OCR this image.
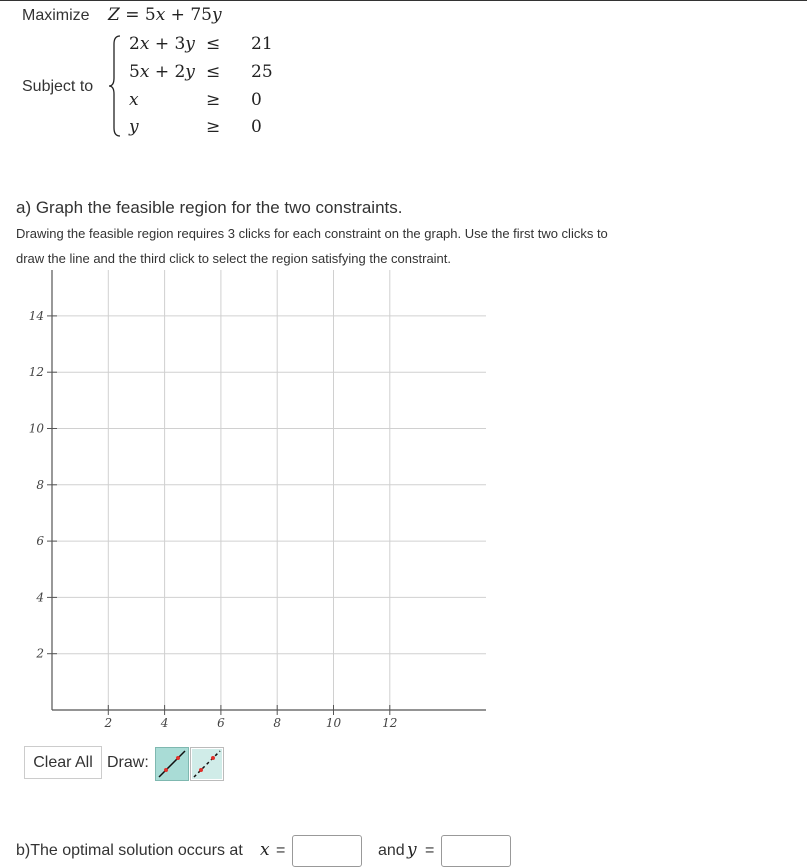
Maximize Z = 5x + 75y
Subject to
2x + 3y ≤ 21
5x + 2y ≤ 25
x	≥ 0
y	≥ 0
a) Graph the feasible region for the two constraints.
Drawing the feasible region requires 3 clicks for each constraint on the graph. Use the first two clicks to
draw the line and the third click to select the region satisfying the constraint.
2	4	6	8	10	12
2
4
6
8
10
12
14
Clear All Draw:
b)The optimal solution occurs at x =	and y =
